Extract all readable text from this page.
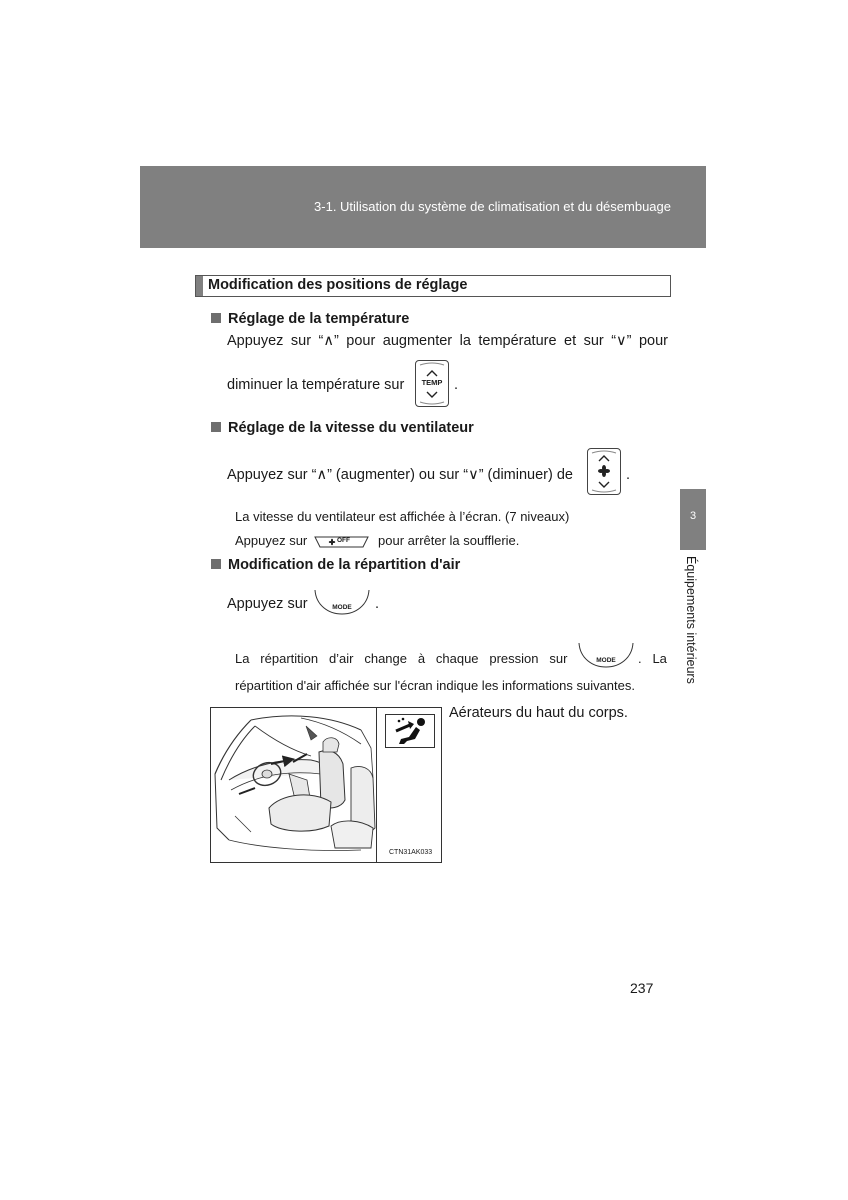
3-1. Utilisation du système de climatisation et du désembuage
Modification des positions de réglage
Réglage de la température
Appuyez sur “∧” pour augmenter la température et sur “∨” pour
diminuer la température sur	TEMP .
Réglage de la vitesse du ventilateur
Appuyez sur “∧” (augmenter) ou sur “∨” (diminuer) de	.
La vitesse du ventilateur est affichée à l’écran. (7 niveaux)
Appuyez sur	OFF pour arrêter la soufflerie.
Modification de la répartition d'air
Appuyez sur	MODE	.
La   répartition   d’air   change   à   chaque   pression   sur	MODE	.   La
répartition d'air affichée sur l'écran indique les informations suivantes.
CTN31AK033
Aérateurs du haut du corps.
3
Équipements intérieurs
237
